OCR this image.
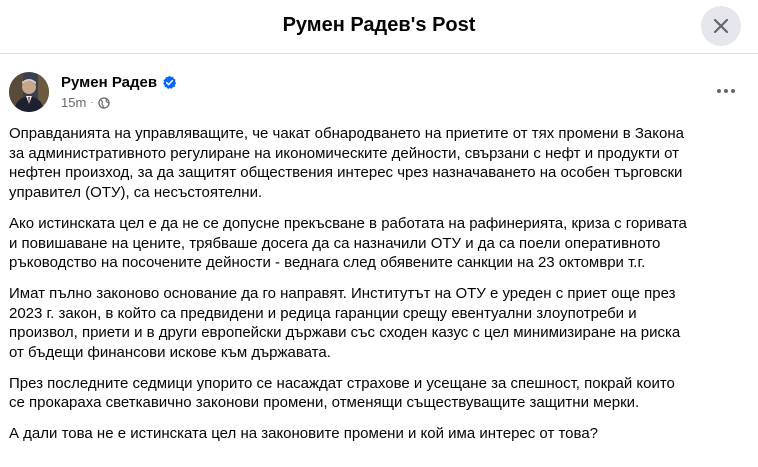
Румен Радев's Post
Румен Радев
15m ·

Оправданията на управляващите, че чакат обнародването на приетите от тях промени в Закона
за административното регулиране на икономическите дейности, свързани с нефт и продукти от
нефтен произход, за да защитят обществения интерес чрез назначаването на особен търговски
управител (ОТУ), са несъстоятелни.

Ако истинската цел е да не се допусне прекъсване в работата на рафинерията, криза с горивата
и повишаване на цените, трябваше досега да са назначили ОТУ и да са поели оперативното
ръководство на посочените дейности - веднага след обявените санкции на 23 октомври т.г.

Имат пълно законово основание да го направят. Институтът на ОТУ е уреден с приет още през
2023 г. закон, в който са предвидени и редица гаранции срещу евентуални злоупотреби и
произвол, приети и в други европейски държави със сходен казус с цел минимизиране на риска
от бъдещи финансови искове към държавата.

През последните седмици упорито се насаждат страхове и усещане за спешност, покрай които
се прокараха светкавично законови промени, отменящи съществуващите защитни мерки.

А дали това не е истинската цел на законовите промени и кой има интерес от това?
